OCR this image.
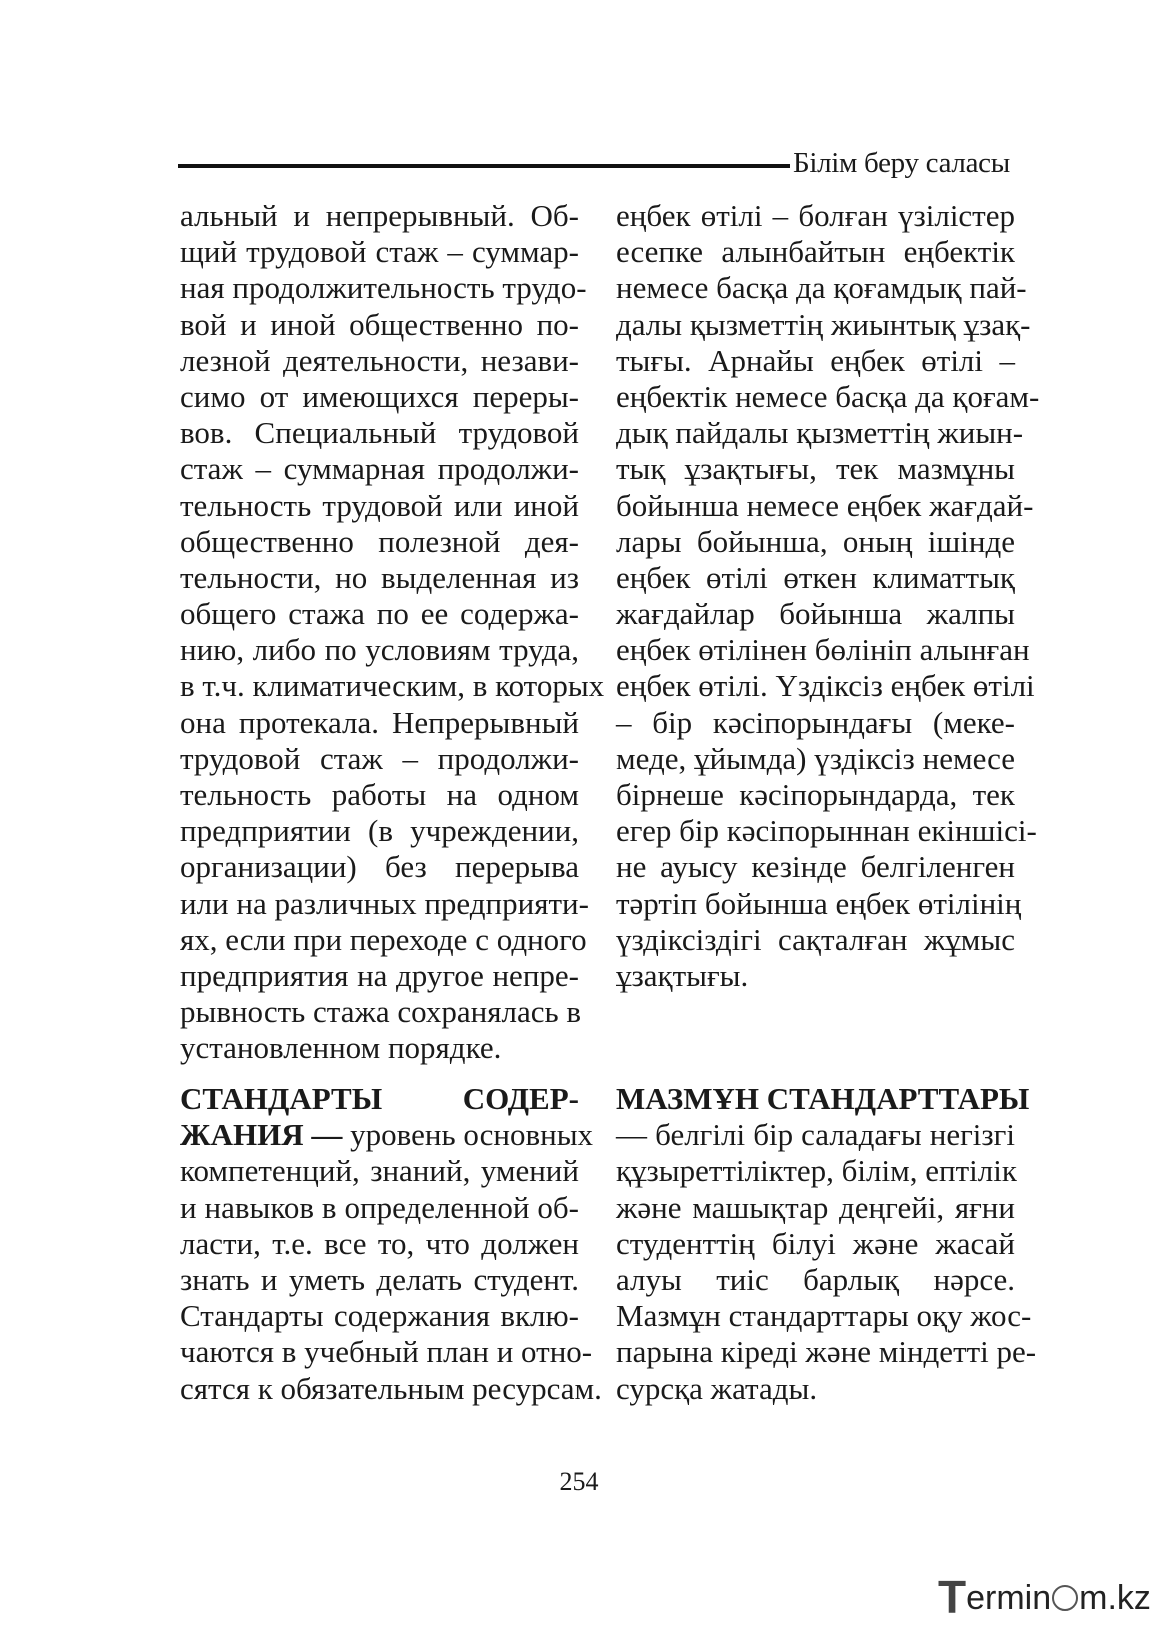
Білім беру саласы
альный и непрерывный. Об-
щий трудовой стаж – суммар-
ная продолжительность трудо-
вой и иной общественно по-
лезной деятельности, незави-
симо от имеющихся переры-
вов. Специальный трудовой
стаж – суммарная продолжи-
тельность трудовой или иной
общественно полезной дея-
тельности, но выделенная из
общего стажа по ее содержа-
нию, либо по условиям труда,
в т.ч. климатическим, в которых
она протекала. Непрерывный
трудовой стаж – продолжи-
тельность работы на одном
предприятии (в учреждении,
организации) без перерыва
или на различных предприяти-
ях, если при переходе с одного
предприятия на другое непре-
рывность стажа сохранялась в
установленном порядке.
еңбек өтілі – болған үзілістер
есепке алынбайтын еңбектік
немесе басқа да қоғамдық пай-
далы қызметтің жиынтық ұзақ-
тығы. Арнайы еңбек өтілі –
еңбектік немесе басқа да қоғам-
дық пайдалы қызметтің жиын-
тық ұзақтығы, тек мазмұны
бойынша немесе еңбек жағдай-
лары бойынша, оның ішінде
еңбек өтілі өткен климаттық
жағдайлар бойынша жалпы
еңбек өтілінен бөлініп алынған
еңбек өтілі. Үздіксіз еңбек өтілі
– бір кәсіпорындағы (меке-
меде, ұйымда) үздіксіз немесе
бірнеше кәсіпорындарда, тек
егер бір кәсіпорыннан екіншісі-
не ауысу кезінде белгіленген
тәртіп бойынша еңбек өтілінің
үздіксіздігі сақталған жұмыс
ұзақтығы.
СТАНДАРТЫ СОДЕР-
ЖАНИЯ — уровень основных
компетенций, знаний, умений
и навыков в определенной об-
ласти, т.е. все то, что должен
знать и уметь делать студент.
Стандарты содержания вклю-
чаются в учебный план и отно-
сятся к обязательным ресурсам.
МАЗМҰН СТАНДАРТТАРЫ
— белгілі бір саладағы негізгі
құзыреттіліктер, білім, ептілік
және машықтар деңгейі, яғни
студенттің білуі және жасай
алуы тиіс барлық нәрсе.
Мазмұн стандарттары оқу жос-
парына кіреді және міндетті ре-
сурсқа жатады.
254
Termin m.kz
